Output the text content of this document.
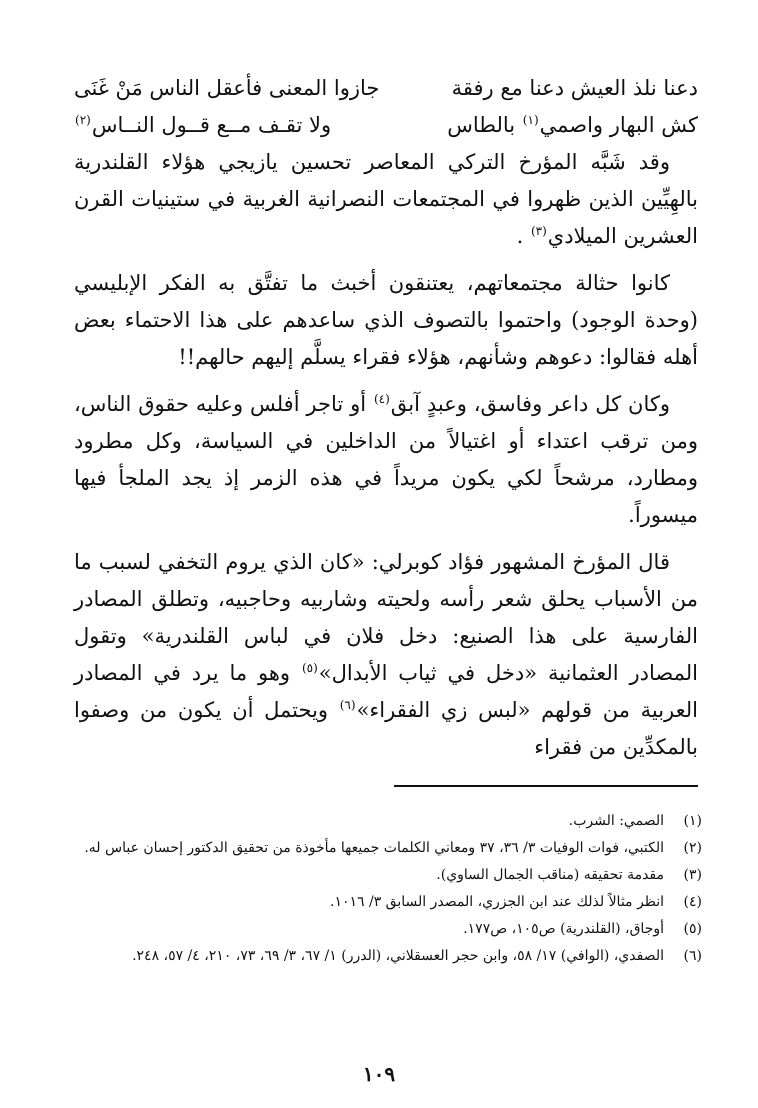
دعنا نلذ العيش دعنا مع رفقة
جازوا المعنى فأعقل الناس مَنْ غَنَى
كش البهار واصمي$^{(١)}$ بالطاس
ولا تقـف مــع قــول النــاس$^{(٢)}$

وقد شَبَّه المؤرخ التركي المعاصر تحسين يازيجي هؤلاء القلندرية بالهِيِّين الذين ظهروا في المجتمعات النصرانية الغربية في ستينيات القرن العشرين الميلادي$^{(٣)}$ .

كانوا حثالة مجتمعاتهم، يعتنقون أخبث ما تفتَّق به الفكر الإبليسي (وحدة الوجود) واحتموا بالتصوف الذي ساعدهم على هذا الاحتماء بعض أهله فقالوا: دعوهم وشأنهم، هؤلاء فقراء يسلَّم إليهم حالهم!!

وكان كل داعر وفاسق، وعبدٍ آبق$^{(٤)}$ أو تاجر أفلس وعليه حقوق الناس، ومن ترقب اعتداء أو اغتيالاً من الداخلين في السياسة، وكل مطرود ومطارد، مرشحاً لكي يكون مريداً في هذه الزمر إذ يجد الملجأ فيها ميسوراً.

قال المؤرخ المشهور فؤاد كوبرلي: «كان الذي يروم التخفي لسبب ما من الأسباب يحلق شعر رأسه ولحيته وشاربيه وحاجبيه، وتطلق المصادر الفارسية على هذا الصنيع: دخل فلان في لباس القلندرية» وتقول المصادر العثمانية «دخل في ثياب الأبدال»$^{(٥)}$ وهو ما يرد في المصادر العربية من قولهم «لبس زي الفقراء»$^{(٦)}$ ويحتمل أن يكون من وصفوا بالمكدِّين من فقراء

(١)
الصمي: الشرب.
(٢)
الكتبي، فوات الوفيات ٣/ ٣٦، ٣٧ ومعاني الكلمات جميعها مأخوذة من تحقيق الدكتور إحسان عباس له.
(٣)
مقدمة تحقيقه (مناقب الجمال الساوي).
(٤)
انظر مثالاً لذلك عند ابن الجزري، المصدر السابق ٣/ ١٠١٦.
(٥)
أوجاق، (القلندرية) ص١٠٥، ص١٧٧.
(٦)
الصفدي، (الوافي) ١٧/ ٥٨، وابن حجر العسقلاني، (الدرر) ١/ ٦٧، ٣/ ٦٩، ٧٣، ٢١٠، ٤/ ٥٧، ٢٤٨.
١٠٩
